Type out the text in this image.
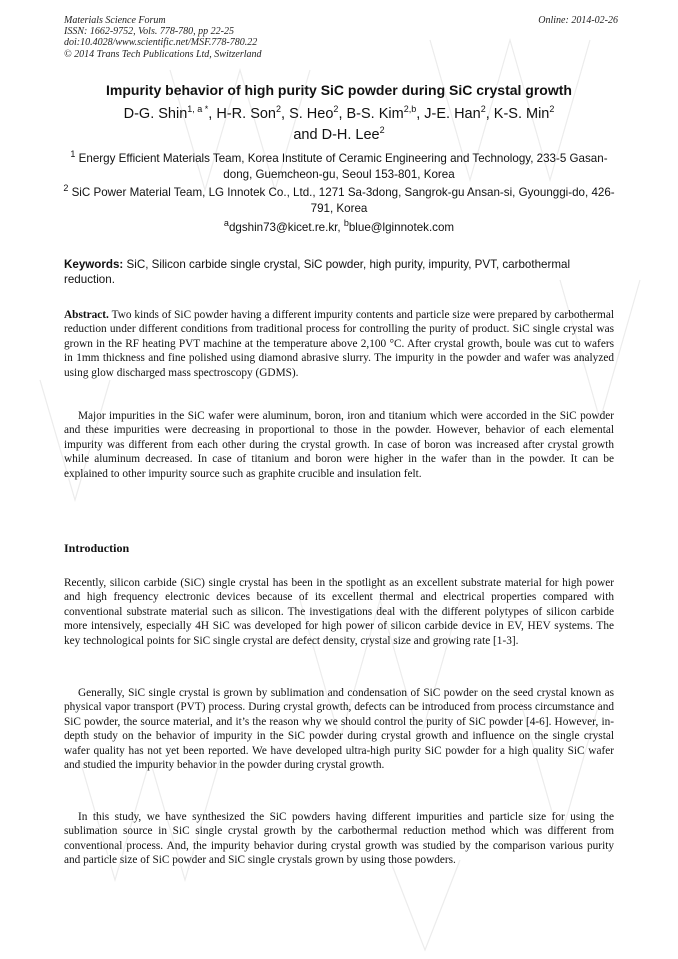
Materials Science Forum
ISSN: 1662-9752, Vols. 778-780, pp 22-25
doi:10.4028/www.scientific.net/MSF.778-780.22
© 2014 Trans Tech Publications Ltd, Switzerland
Online: 2014-02-26
Impurity behavior of high purity SiC powder during SiC crystal growth
D-G. Shin$^{1, a *}$, H-R. Son$^2$, S. Heo$^2$, B-S. Kim$^{2,b}$, J-E. Han$^2$, K-S. Min$^2$
and D-H. Lee$^2$
$^1$ Energy Efficient Materials Team, Korea Institute of Ceramic Engineering and Technology, 233-5 Gasan-dong, Guemcheon-gu, Seoul 153-801, Korea
$^2$ SiC Power Material Team, LG Innotek Co., Ltd., 1271 Sa-3dong, Sangrok-gu Ansan-si, Gyounggi-do, 426-791, Korea
$^a$dgshin73@kicet.re.kr, $^b$blue@lginnotek.com
Keywords: SiC, Silicon carbide single crystal, SiC powder, high purity, impurity, PVT, carbothermal reduction.
Abstract. Two kinds of SiC powder having a different impurity contents and particle size were prepared by carbothermal reduction under different conditions from traditional process for controlling the purity of product. SiC single crystal was grown in the RF heating PVT machine at the temperature above 2,100 °C. After crystal growth, boule was cut to wafers in 1mm thickness and fine polished using diamond abrasive slurry. The impurity in the powder and wafer was analyzed using glow discharged mass spectroscopy (GDMS).
Major impurities in the SiC wafer were aluminum, boron, iron and titanium which were accorded in the SiC powder and these impurities were decreasing in proportional to those in the powder. However, behavior of each elemental impurity was different from each other during the crystal growth. In case of boron was increased after crystal growth while aluminum decreased. In case of titanium and boron were higher in the wafer than in the powder. It can be explained to other impurity source such as graphite crucible and insulation felt.
Introduction
Recently, silicon carbide (SiC) single crystal has been in the spotlight as an excellent substrate material for high power and high frequency electronic devices because of its excellent thermal and electrical properties compared with conventional substrate material such as silicon. The investigations deal with the different polytypes of silicon carbide more intensively, especially 4H SiC was developed for high power of silicon carbide device in EV, HEV systems. The key technological points for SiC single crystal are defect density, crystal size and growing rate [1-3].
Generally, SiC single crystal is grown by sublimation and condensation of SiC powder on the seed crystal known as physical vapor transport (PVT) process. During crystal growth, defects can be introduced from process circumstance and SiC powder, the source material, and it’s the reason why we should control the purity of SiC powder [4-6]. However, in-depth study on the behavior of impurity in the SiC powder during crystal growth and influence on the single crystal wafer quality has not yet been reported. We have developed ultra-high purity SiC powder for a high quality SiC wafer and studied the impurity behavior in the powder during crystal growth.
In this study, we have synthesized the SiC powders having different impurities and particle size for using the sublimation source in SiC single crystal growth by the carbothermal reduction method which was different from conventional process. And, the impurity behavior during crystal growth was studied by the comparison various purity and particle size of SiC powder and SiC single crystals grown by using those powders.
